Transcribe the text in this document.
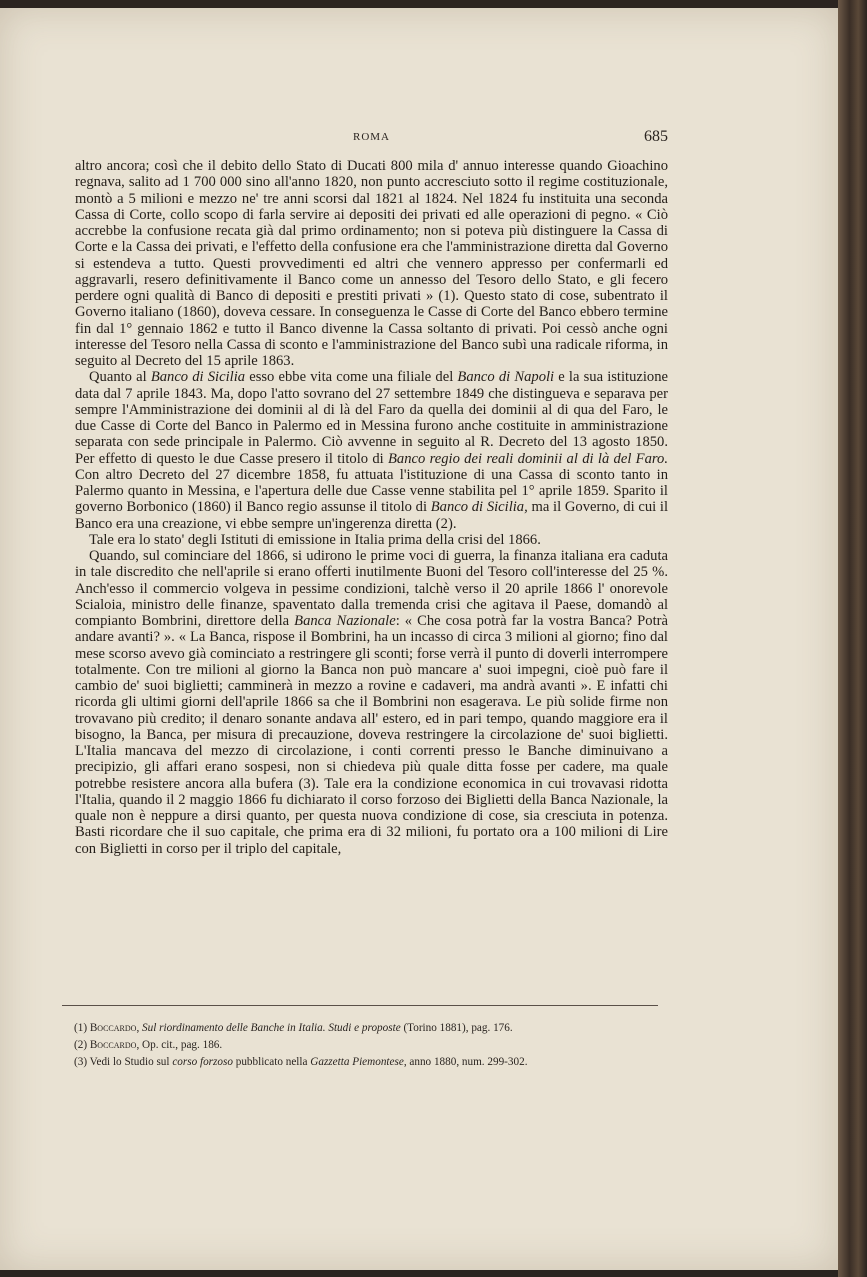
ROMA	685

altro ancora; così che il debito dello Stato di Ducati 800 mila d' annuo interesse quando Gioachino regnava, salito ad 1 700 000 sino all'anno 1820, non punto accresciuto sotto il regime costituzionale, montò a 5 milioni e mezzo ne' tre anni scorsi dal 1821 al 1824. Nel 1824 fu instituita una seconda Cassa di Corte, collo scopo di farla servire ai depositi dei privati ed alle operazioni di pegno. « Ciò accrebbe la confusione recata già dal primo ordinamento; non si poteva più distinguere la Cassa di Corte e la Cassa dei privati, e l'effetto della confusione era che l'amministrazione diretta dal Governo si estendeva a tutto. Questi provvedimenti ed altri che vennero appresso per confermarli ed aggravarli, resero definitivamente il Banco come un annesso del Tesoro dello Stato, e gli fecero perdere ogni qualità di Banco di depositi e prestiti privati » (1). Questo stato di cose, subentrato il Governo italiano (1860), doveva cessare. In conseguenza le Casse di Corte del Banco ebbero termine fin dal 1° gennaio 1862 e tutto il Banco divenne la Cassa soltanto di privati. Poi cessò anche ogni interesse del Tesoro nella Cassa di sconto e l'amministrazione del Banco subì una radicale riforma, in seguito al Decreto del 15 aprile 1863.

Quanto al Banco di Sicilia esso ebbe vita come una filiale del Banco di Napoli e la sua istituzione data dal 7 aprile 1843. Ma, dopo l'atto sovrano del 27 settembre 1849 che distingueva e separava per sempre l'Amministrazione dei dominii al di là del Faro da quella dei dominii al di qua del Faro, le due Casse di Corte del Banco in Palermo ed in Messina furono anche costituite in amministrazione separata con sede principale in Palermo. Ciò avvenne in seguito al R. Decreto del 13 agosto 1850. Per effetto di questo le due Casse presero il titolo di Banco regio dei reali dominii al di là del Faro. Con altro Decreto del 27 dicembre 1858, fu attuata l'istituzione di una Cassa di sconto tanto in Palermo quanto in Messina, e l'apertura delle due Casse venne stabilita pel 1° aprile 1859. Sparito il governo Borbonico (1860) il Banco regio assunse il titolo di Banco di Sicilia, ma il Governo, di cui il Banco era una creazione, vi ebbe sempre un'ingerenza diretta (2).

Tale era lo stato' degli Istituti di emissione in Italia prima della crisi del 1866.

Quando, sul cominciare del 1866, si udirono le prime voci di guerra, la finanza italiana era caduta in tale discredito che nell'aprile si erano offerti inutilmente Buoni del Tesoro coll'interesse del 25 %. Anch'esso il commercio volgeva in pessime condizioni, talchè verso il 20 aprile 1866 l' onorevole Scialoia, ministro delle finanze, spaventato dalla tremenda crisi che agitava il Paese, domandò al compianto Bombrini, direttore della Banca Nazionale: « Che cosa potrà far la vostra Banca? Potrà andare avanti? ». « La Banca, rispose il Bombrini, ha un incasso di circa 3 milioni al giorno; fino dal mese scorso avevo già cominciato a restringere gli sconti; forse verrà il punto di doverli interrompere totalmente. Con tre milioni al giorno la Banca non può mancare a' suoi impegni, cioè può fare il cambio de' suoi biglietti; camminerà in mezzo a rovine e cadaveri, ma andrà avanti ». E infatti chi ricorda gli ultimi giorni dell'aprile 1866 sa che il Bombrini non esagerava. Le più solide firme non trovavano più credito; il denaro sonante andava all' estero, ed in pari tempo, quando maggiore era il bisogno, la Banca, per misura di precauzione, doveva restringere la circolazione de' suoi biglietti. L'Italia mancava del mezzo di circolazione, i conti correnti presso le Banche diminuivano a precipizio, gli affari erano sospesi, non si chiedeva più quale ditta fosse per cadere, ma quale potrebbe resistere ancora alla bufera (3). Tale era la condizione economica in cui trovavasi ridotta l'Italia, quando il 2 maggio 1866 fu dichiarato il corso forzoso dei Biglietti della Banca Nazionale, la quale non è neppure a dirsi quanto, per questa nuova condizione di cose, sia cresciuta in potenza. Basti ricordare che il suo capitale, che prima era di 32 milioni, fu portato ora a 100 milioni di Lire con Biglietti in corso per il triplo del capitale,

(1) Boccardo, Sul riordinamento delle Banche in Italia. Studi e proposte (Torino 1881), pag. 176.

(2) Boccardo, Op. cit., pag. 186.

(3) Vedi lo Studio sul corso forzoso pubblicato nella Gazzetta Piemontese, anno 1880, num. 299-302.
